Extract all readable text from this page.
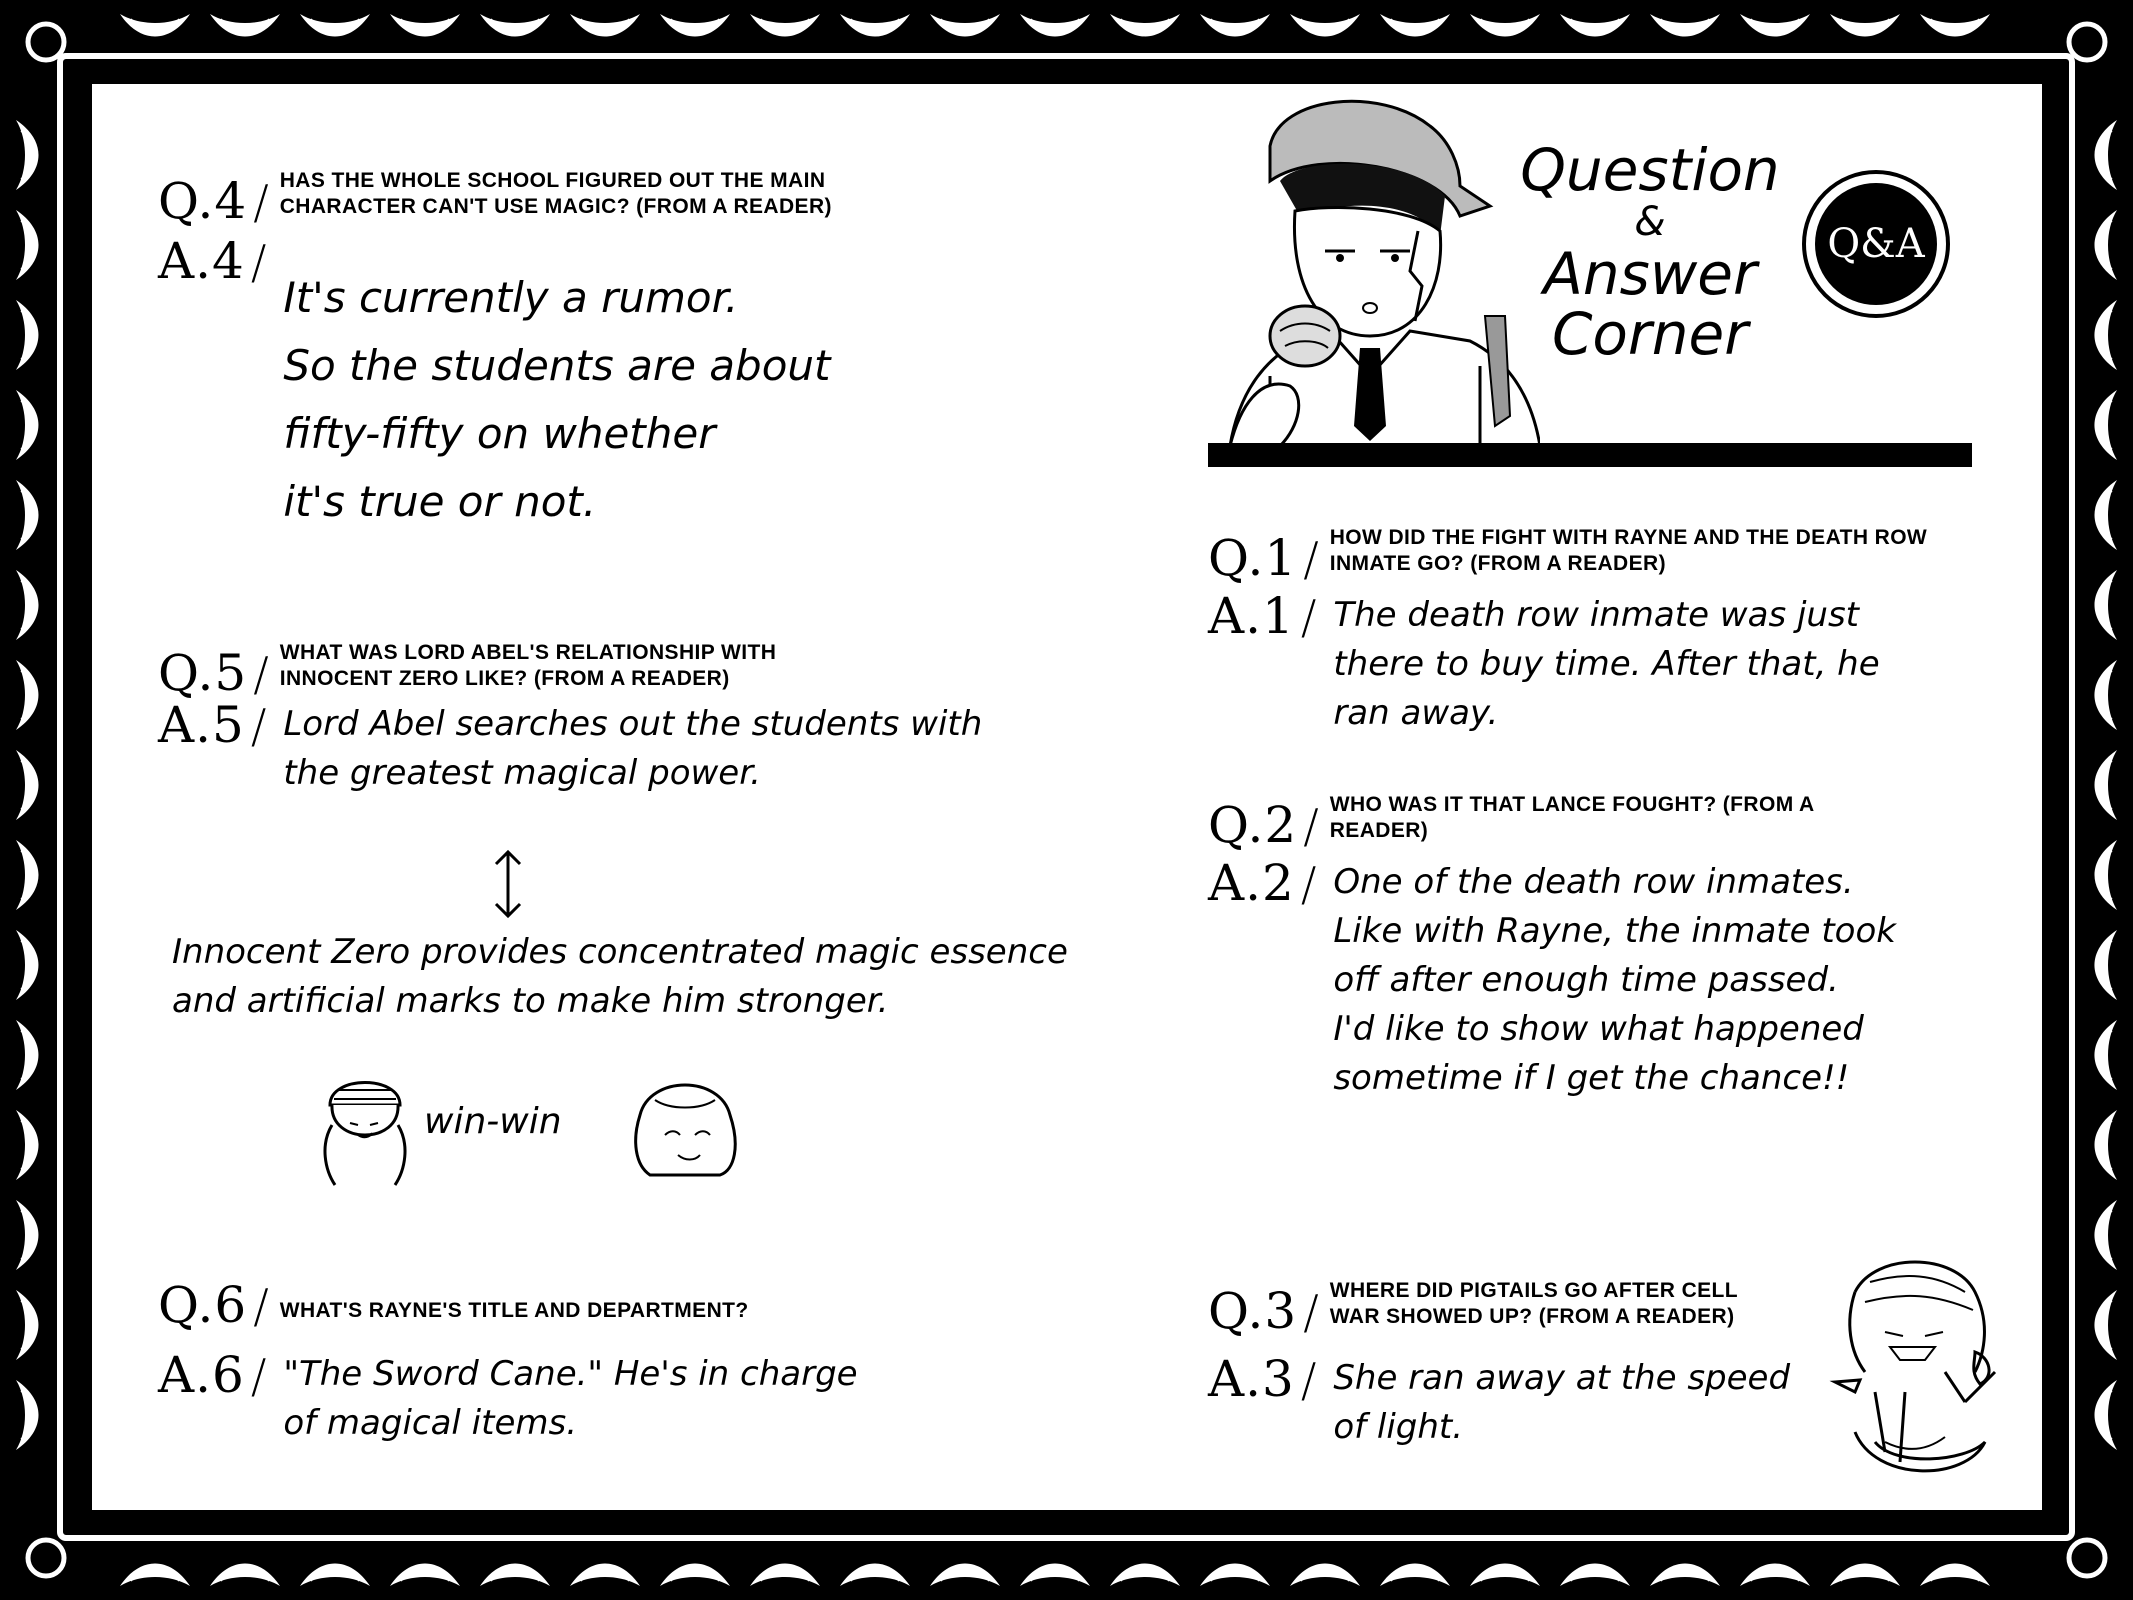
Question
&
Answer
Corner
Q&A
Q.4 / HAS THE WHOLE SCHOOL FIGURED OUT THE MAIN CHARACTER CAN'T USE MAGIC? (FROM A READER)
A.4 /
It's currently a rumor.
So the students are about
fifty-fifty on whether
it's true or not.
Q.5 / WHAT WAS LORD ABEL'S RELATIONSHIP WITH INNOCENT ZERO LIKE? (FROM A READER)
A.5 / Lord Abel searches out the students with
the greatest magical power.
Innocent Zero provides concentrated magic essence
and artificial marks to make him stronger.
win-win
Q.6 / WHAT'S RAYNE'S TITLE AND DEPARTMENT?
A.6 / "The Sword Cane." He's in charge
of magical items.
Q.1 / HOW DID THE FIGHT WITH RAYNE AND THE DEATH ROW INMATE GO? (FROM A READER)
A.1 / The death row inmate was just
there to buy time. After that, he
ran away.
Q.2 / WHO WAS IT THAT LANCE FOUGHT? (FROM A READER)
A.2 / One of the death row inmates.
Like with Rayne, the inmate took
off after enough time passed.
I'd like to show what happened
sometime if I get the chance!!
Q.3 / WHERE DID PIGTAILS GO AFTER CELL WAR SHOWED UP? (FROM A READER)
A.3 / She ran away at the speed
of light.
